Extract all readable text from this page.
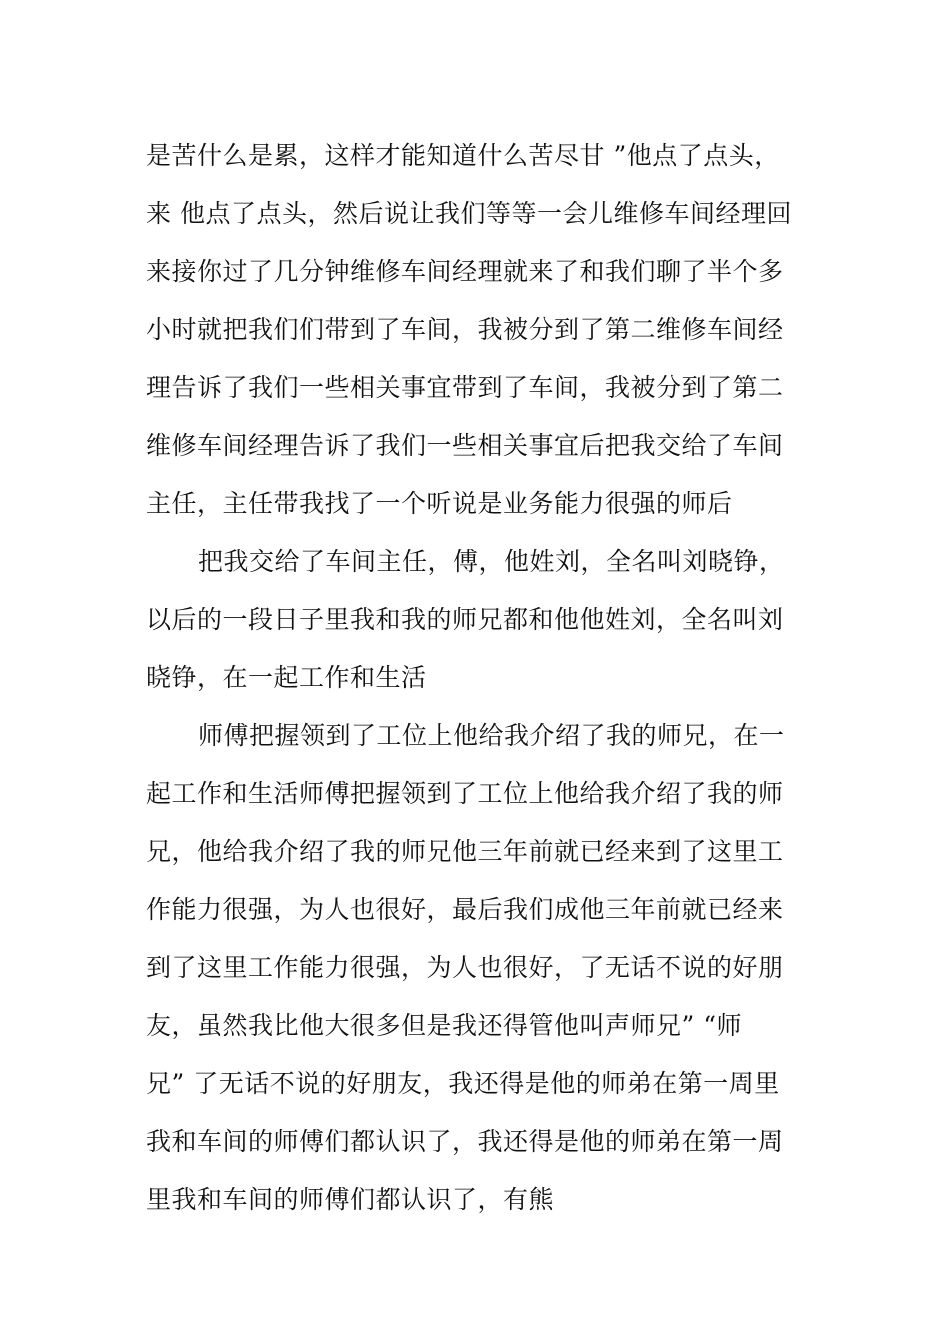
是苦什么是累，这样才能知道什么苦尽甘 ”他点了点头，
来 他点了点头，然后说让我们等等一会儿维修车间经理回
来接你过了几分钟维修车间经理就来了和我们聊了半个多
小时就把我们们带到了车间，我被分到了第二维修车间经
理告诉了我们一些相关事宜带到了车间，我被分到了第二
维修车间经理告诉了我们一些相关事宜后把我交给了车间
主任，主任带我找了一个听说是业务能力很强的师后
把我交给了车间主任，傅，他姓刘，全名叫刘晓铮，
以后的一段日子里我和我的师兄都和他他姓刘，全名叫刘
晓铮，在一起工作和生活
师傅把握领到了工位上他给我介绍了我的师兄，在一
起工作和生活师傅把握领到了工位上他给我介绍了我的师
兄，他给我介绍了我的师兄他三年前就已经来到了这里工
作能力很强，为人也很好，最后我们成他三年前就已经来
到了这里工作能力很强，为人也很好，了无话不说的好朋
友，虽然我比他大很多但是我还得管他叫声师兄” “师
兄” 了无话不说的好朋友，我还得是他的师弟在第一周里
我和车间的师傅们都认识了，我还得是他的师弟在第一周
里我和车间的师傅们都认识了，有熊
